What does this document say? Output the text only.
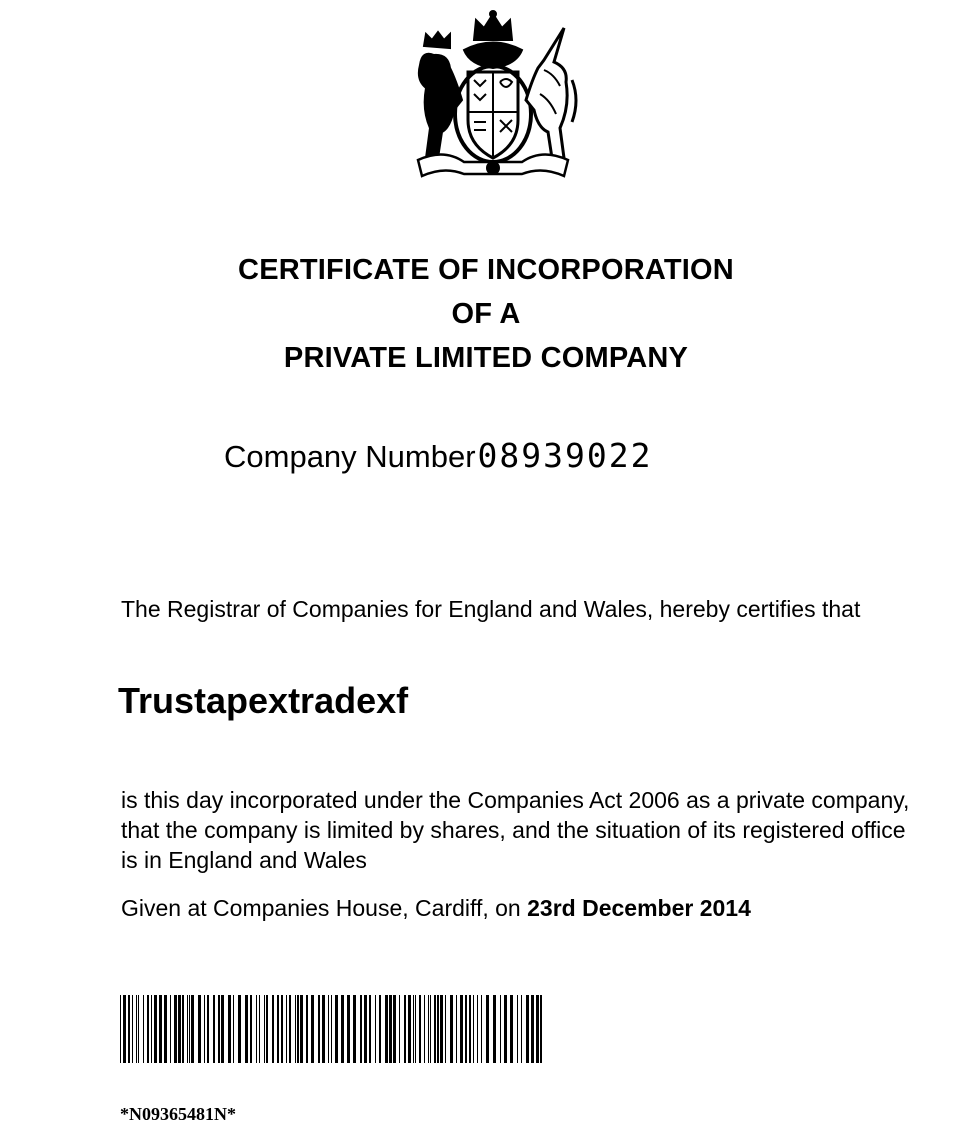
CERTIFICATE OF INCORPORATION
OF A
PRIVATE LIMITED COMPANY
Company Number08939022
The Registrar of Companies for England and Wales, hereby certifies that
Trustapextradexf
is this day incorporated under the Companies Act 2006 as a private company, that the company is limited by shares, and the situation of its registered office is in England and Wales
Given at Companies House, Cardiff, on 23rd December 2014
*N09365481N*
